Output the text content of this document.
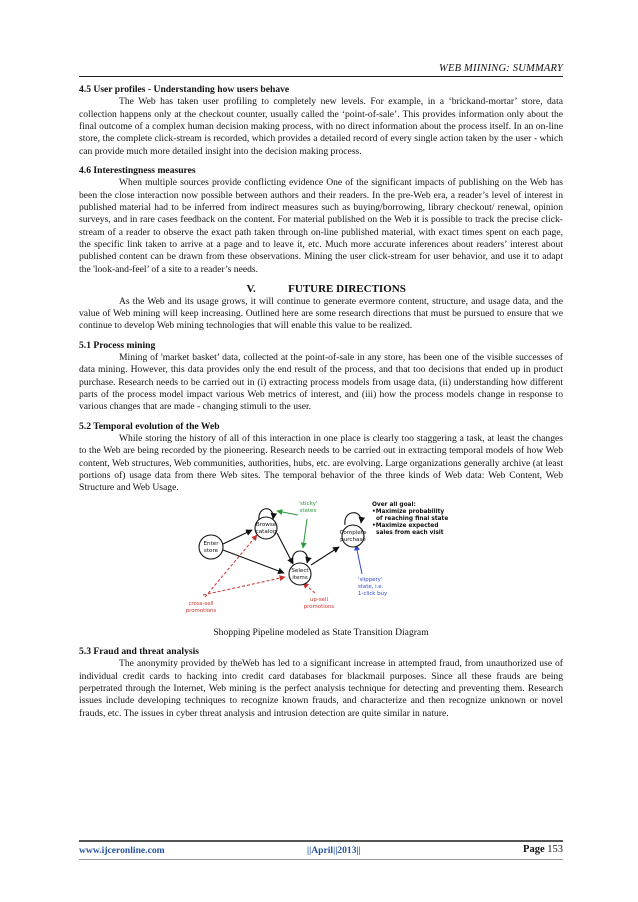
WEB MIINING: SUMMARY

4.5 User profiles - Understanding how users behave

The Web has taken user profiling to completely new levels. For example, in a ‘brickand-mortar’ store, data collection happens only at the checkout counter, usually called the ‘point-of-sale’. This provides information only about the final outcome of a complex human decision making process, with no direct information about the process itself. In an on-line store, the complete click-stream is recorded, which provides a detailed record of every single action taken by the user - which can provide much more detailed insight into the decision making process.

4.6 Interestingness measures

When multiple sources provide conflicting evidence One of the significant impacts of publishing on the Web has been the close interaction now possible between authors and their readers. In the pre-Web era, a reader’s level of interest in published material had to be inferred from indirect measures such as buying/borrowing, library checkout/ renewal, opinion surveys, and in rare cases feedback on the content. For material published on the Web it is possible to track the precise click-stream of a reader to observe the exact path taken through on-line published material, with exact times spent on each page, the specific link taken to arrive at a page and to leave it, etc. Much more accurate inferences about readers’ interest about published content can be drawn from these observations. Mining the user click-stream for user behavior, and use it to adapt the 'look-and-feel’ of a site to a reader’s needs.

V.	FUTURE DIRECTIONS

As the Web and its usage grows, it will continue to generate evermore content, structure, and usage data, and the value of Web mining will keep increasing. Outlined here are some research directions that must be pursued to ensure that we continue to develop Web mining technologies that will enable this value to be realized.

5.1 Process mining

Mining of 'market basket’ data, collected at the point-of-sale in any store, has been one of the visible successes of data mining. However, this data provides only the end result of the process, and that too decisions that ended up in product purchase. Research needs to be carried out in (i) extracting process models from usage data, (ii) understanding how different parts of the process model impact various Web metrics of interest, and (iii) how the process models change in response to various changes that are made - changing stimuli to the user.

5.2 Temporal evolution of the Web

While storing the history of all of this interaction in one place is clearly too staggering a task, at least the changes to the Web are being recorded by the pioneering. Research needs to be carried out in extracting temporal models of how Web content, Web structures, Web communities, authorities, hubs, etc. are evolving. Large organizations generally archive (at least portions of) usage data from there Web sites. The temporal behavior of the three kinds of Web data: Web Content, Web Structure and Web Usage.

Enter
store
Browse
catalog
Select
items
Complete
purchase
'sticky'
states
Over all goal:
•Maximize probability
of reaching final state
•Maximize expected
sales from each visit
'slippery'
state, i.e.
1-click buy
cross-sell
promotions
up-sell
promotions

Shopping Pipeline modeled as State Transition Diagram

5.3 Fraud and threat analysis

The anonymity provided by theWeb has led to a significant increase in attempted fraud, from unauthorized use of individual credit cards to hacking into credit card databases for blackmail purposes. Since all these frauds are being perpetrated through the Internet, Web mining is the perfect analysis technique for detecting and preventing them. Research issues include developing techniques to recognize known frauds, and characterize and then recognize unknown or novel frauds, etc. The issues in cyber threat analysis and intrusion detection are quite similar in nature.

www.ijceronline.com	||April||2013||	Page 153
